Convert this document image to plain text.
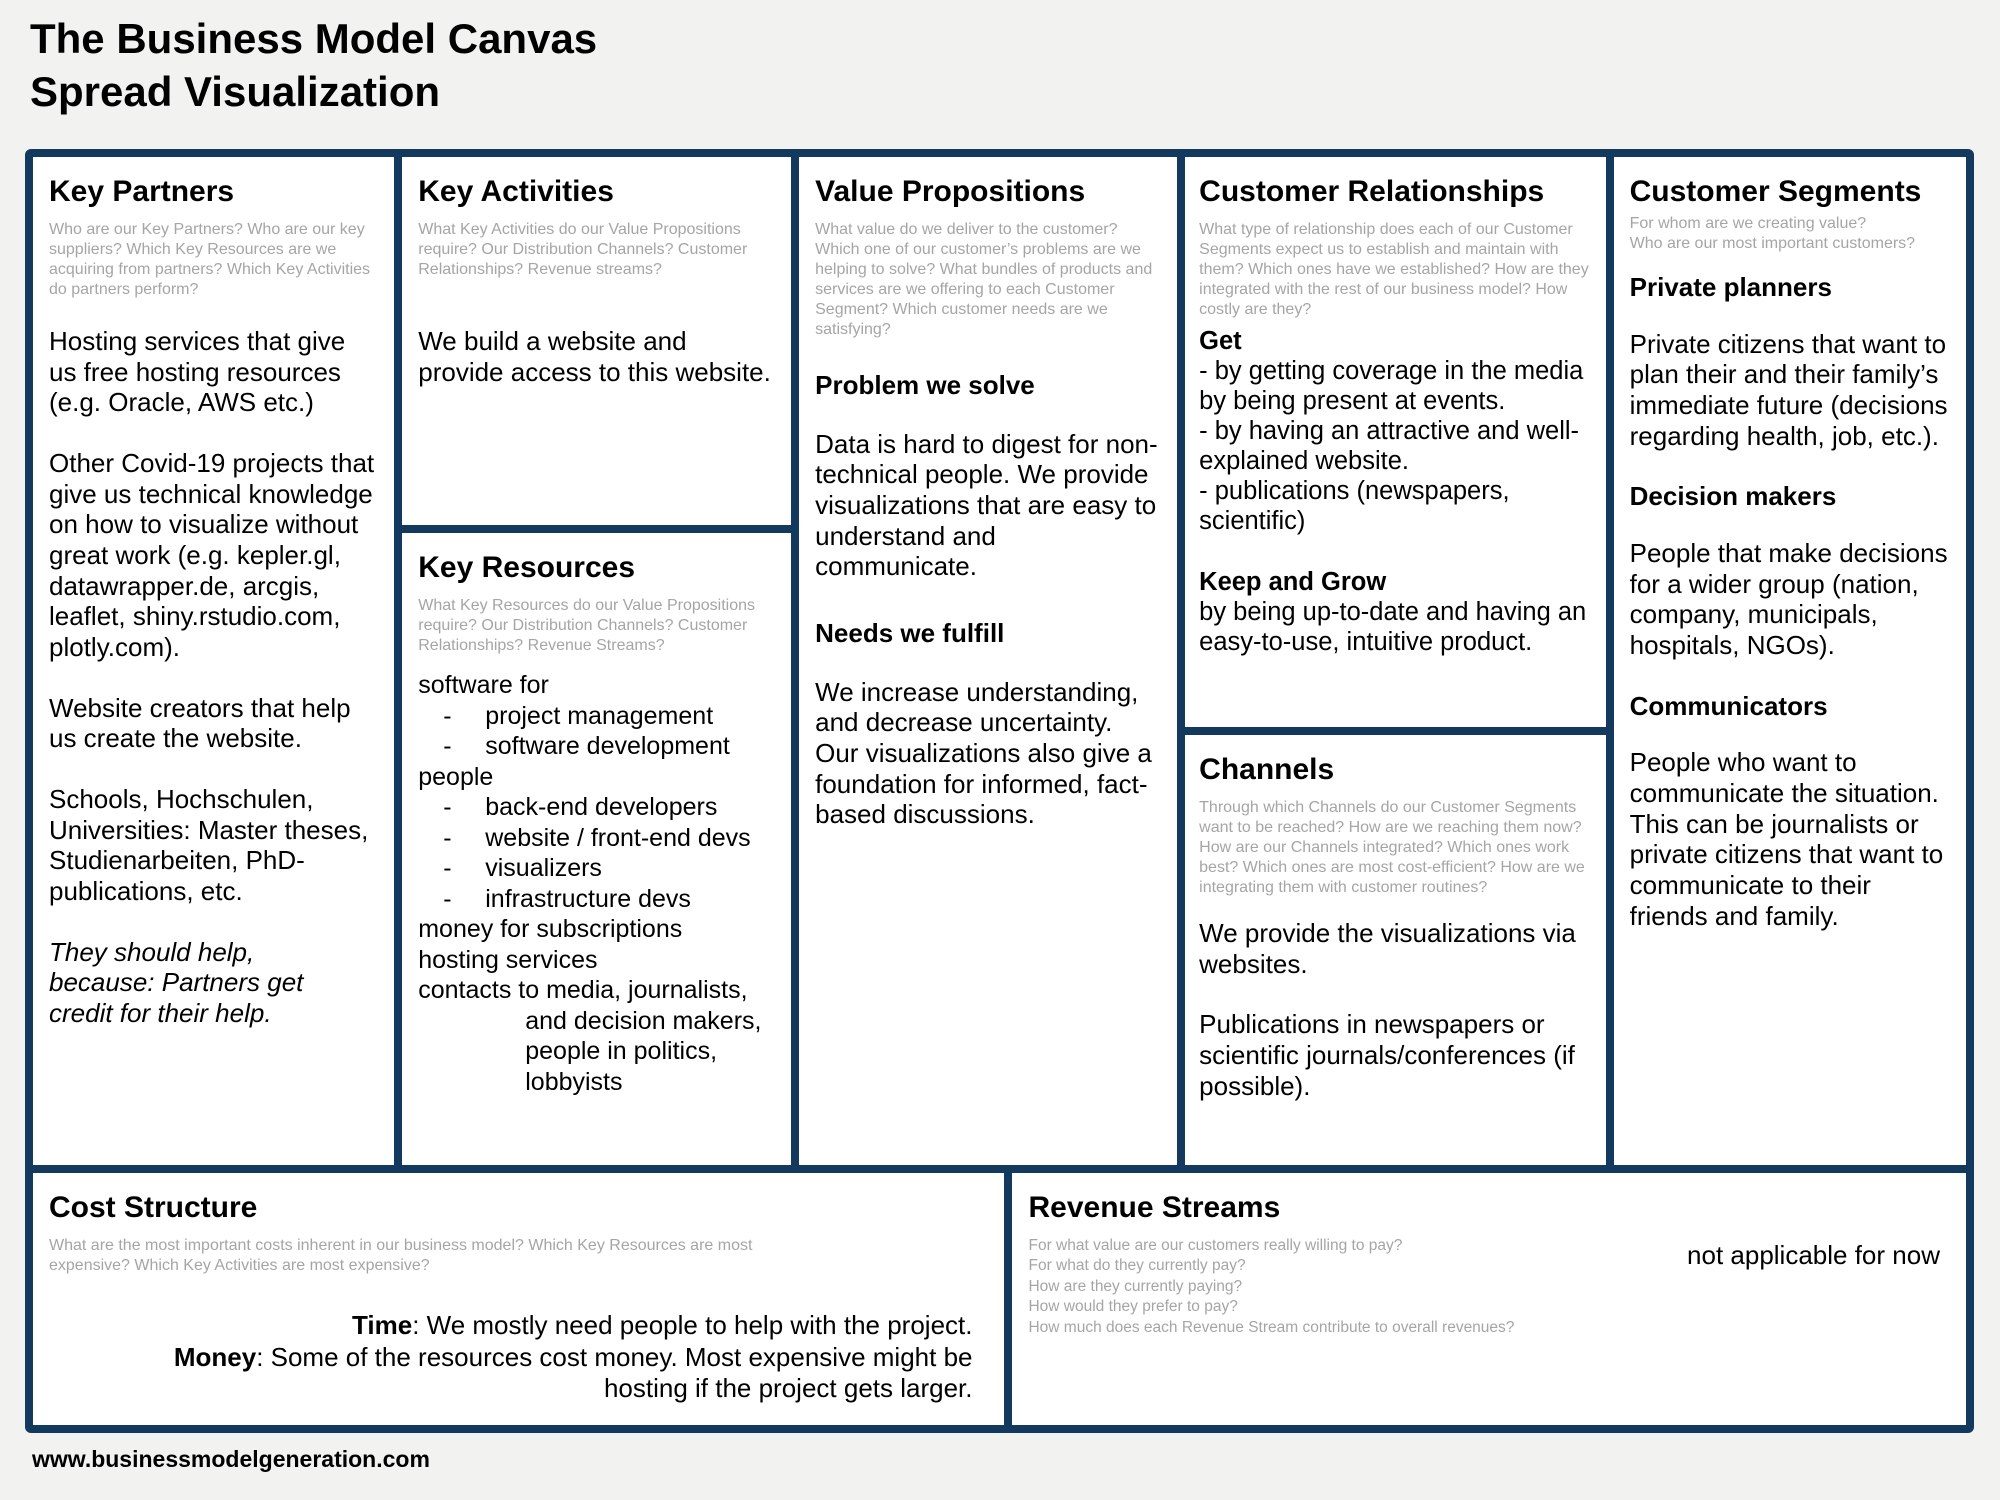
The Business Model Canvas
Spread Visualization
Key Partners

Who are our Key Partners? Who are our key suppliers? Which Key Resources are we acquiring from partners? Which Key Activities do partners perform?

Hosting services that give us free hosting resources (e.g. Oracle, AWS etc.)

Other Covid-19 projects that give us technical knowledge on how to visualize without great work (e.g. kepler.gl, datawrapper.de, arcgis, leaflet, shiny.rstudio.com, plotly.com).

Website creators that help us create the website.

Schools, Hochschulen, Universities: Master theses, Studienarbeiten, PhD-publications, etc.

They should help, because: Partners get credit for their help.

Key Activities

What Key Activities do our Value Propositions require? Our Distribution Channels? Customer Relationships? Revenue streams?

We build a website and provide access to this website.
Key Resources

What Key Resources do our Value Propositions require? Our Distribution Channels? Customer Relationships? Revenue Streams?

software for
- project management
- software development
people
- back-end developers
- website / front-end devs
- visualizers
- infrastructure devs
money for subscriptions
hosting services
contacts to media, journalists,
and decision makers,
people in politics,
lobbyists
Value Propositions

What value do we deliver to the customer? Which one of our customer’s problems are we helping to solve? What bundles of products and services are we offering to each Customer Segment? Which customer needs are we satisfying?

Problem we solve

Data is hard to digest for non-technical people. We provide visualizations that are easy to understand and communicate.

Needs we fulfill

We increase understanding, and decrease uncertainty. Our visualizations also give a foundation for informed, fact-based discussions.

Customer Relationships

What type of relationship does each of our Customer Segments expect us to establish and maintain with them? Which ones have we established? How are they integrated with the rest of our business model? How costly are they?

Get
- by getting coverage in the media by being present at events.
- by having an attractive and well-explained website.
- publications (newspapers, scientific)
Keep and Grow
by being up-to-date and having an easy-to-use, intuitive product.
Channels

Through which Channels do our Customer Segments want to be reached? How are we reaching them now? How are our Channels integrated? Which ones work best? Which ones are most cost-efficient? How are we integrating them with customer routines?

We provide the visualizations via websites.

Publications in newspapers or scientific journals/conferences (if possible).

Customer Segments

For whom are we creating value?
Who are our most important customers?

Private planners

Private citizens that want to plan their and their family’s immediate future (decisions regarding health, job, etc.).

Decision makers

People that make decisions for a wider group (nation, company, municipals, hospitals, NGOs).

Communicators

People who want to communicate the situation. This can be journalists or private citizens that want to communicate to their friends and family.

Cost Structure

What are the most important costs inherent in our business model? Which Key Resources are most expensive? Which Key Activities are most expensive?

Time: We mostly need people to help with the project.
Money: Some of the resources cost money. Most expensive might be hosting if the project gets larger.
Revenue Streams
For what value are our customers really willing to pay?
For what do they currently pay?
How are they currently paying?
How would they prefer to pay?
How much does each Revenue Stream contribute to overall revenues?
not applicable for now
www.businessmodelgeneration.com
